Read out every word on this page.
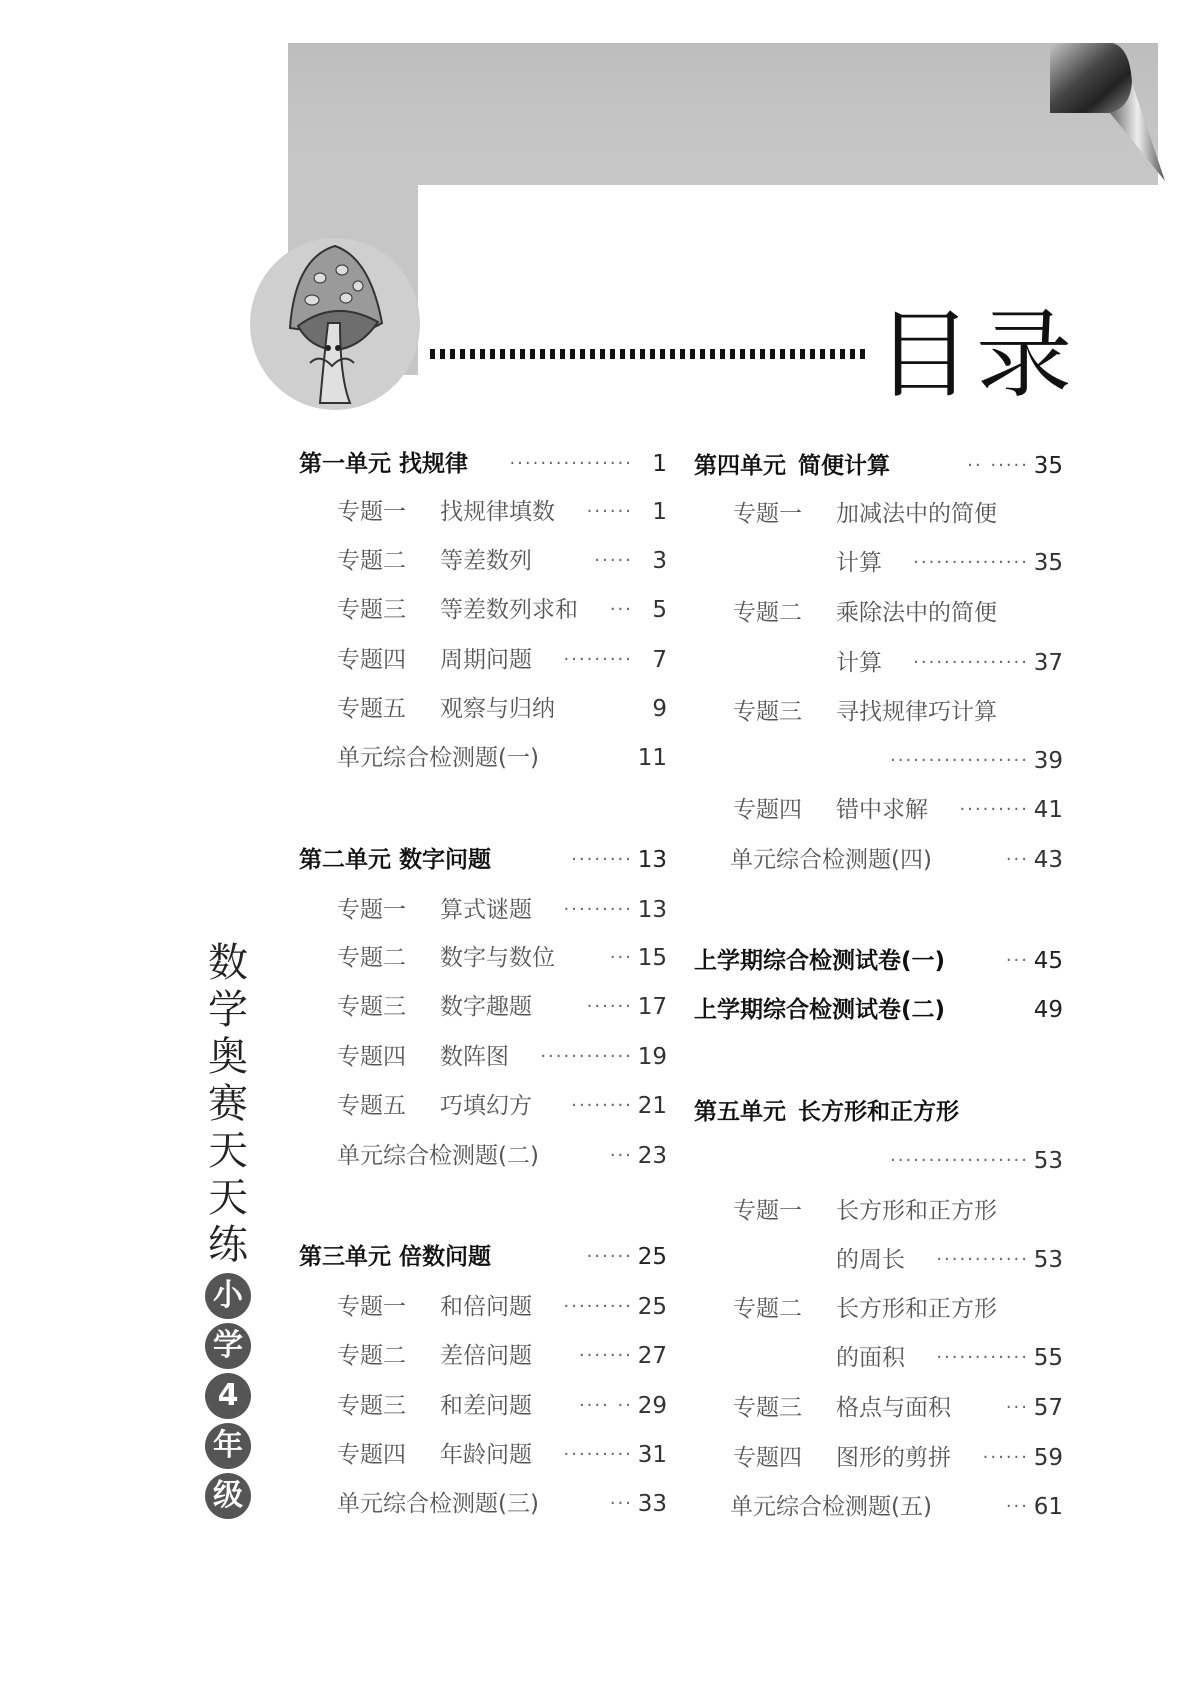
目录
数
学
奥
赛
天
天
练
小
学
4
年
级
第一单元 找规律 ················ 1
专题一 找规律填数 ······ 1
专题二 等差数列	····· 3
专题三 等差数列求和 ··· 5
专题四 周期问题 ········· 7
专题五 观察与归纳	9
单元综合检测题(一)	11
第二单元 数字问题	········ 13
专题一 算式谜题 ········· 13
专题二 数字与数位	··· 15
专题三 数字趣题	······ 17
专题四 数阵图 ············ 19
专题五 巧填幻方 ········ 21
单元综合检测题(二)	··· 23
第三单元 倍数问题	······ 25
专题一 和倍问题 ········· 25
专题二 差倍问题	······· 27
专题三 和差问题	···· ·· 29
专题四 年龄问题 ········· 31
单元综合检测题(三)	··· 33
第四单元 简便计算	·· ····· 35
专题一 加减法中的简便
计算 ··············· 35
专题二 乘除法中的简便
计算 ··············· 37
专题三 寻找规律巧计算
·················· 39
专题四 错中求解 ········· 41
单元综合检测题(四)	··· 43
上学期综合检测试卷(一)	··· 45
上学期综合检测试卷(二)	49
第五单元 长方形和正方形
·················· 53
专题一 长方形和正方形
的周长 ············ 53
专题二 长方形和正方形
的面积 ············ 55
专题三 格点与面积	··· 57
专题四 图形的剪拼 ······ 59
单元综合检测题(五)	··· 61
